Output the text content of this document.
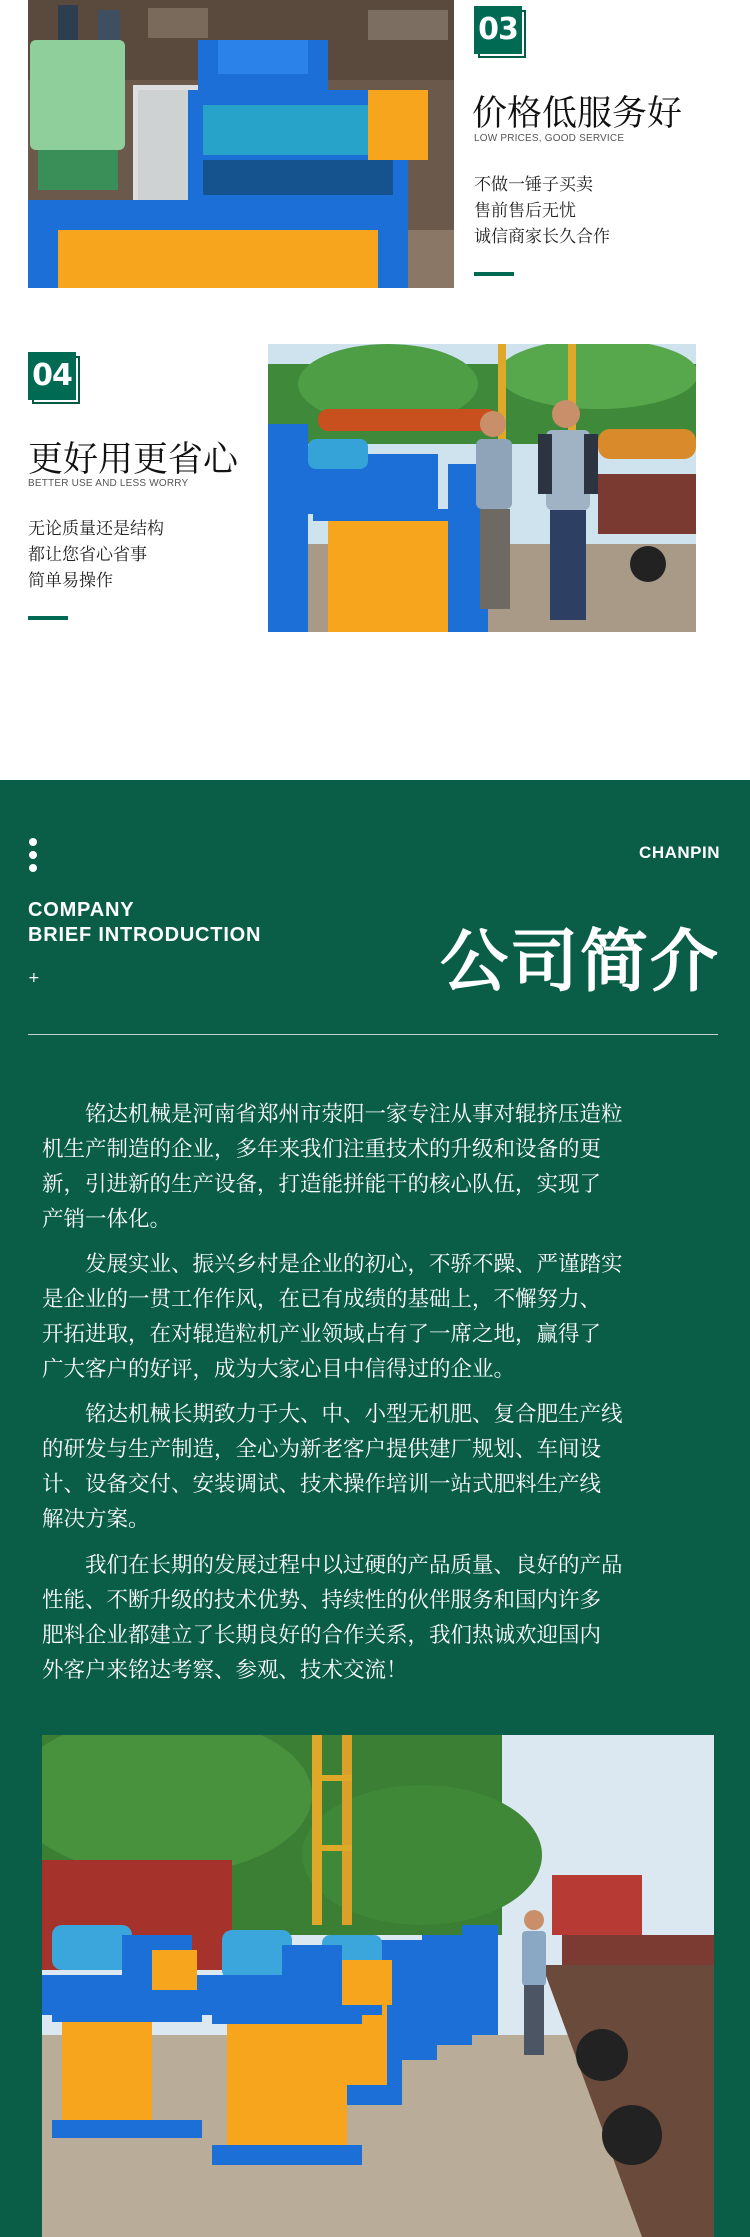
03
价格低服务好
LOW PRICES, GOOD SERVICE
不做一锤子买卖
售前售后无忧
诚信商家长久合作
04
更好用更省心
BETTER USE AND LESS WORRY
无论质量还是结构
都让您省心省事
简单易操作
CHANPIN
COMPANY
BRIEF INTRODUCTION
+	公司简介
　　铭达机械是河南省郑州市荥阳一家专注从事对辊挤压造粒
机生产制造的企业，多年来我们注重技术的升级和设备的更
新，引进新的生产设备，打造能拼能干的核心队伍，实现了
产销一体化。
　　发展实业、振兴乡村是企业的初心，不骄不躁、严谨踏实
是企业的一贯工作作风，在已有成绩的基础上，不懈努力、
开拓进取，在对辊造粒机产业领域占有了一席之地，赢得了
广大客户的好评，成为大家心目中信得过的企业。
　　铭达机械长期致力于大、中、小型无机肥、复合肥生产线
的研发与生产制造，全心为新老客户提供建厂规划、车间设
计、设备交付、安装调试、技术操作培训一站式肥料生产线
解决方案。
　　我们在长期的发展过程中以过硬的产品质量、良好的产品
性能、不断升级的技术优势、持续性的伙伴服务和国内许多
肥料企业都建立了长期良好的合作关系，我们热诚欢迎国内
外客户来铭达考察、参观、技术交流！
